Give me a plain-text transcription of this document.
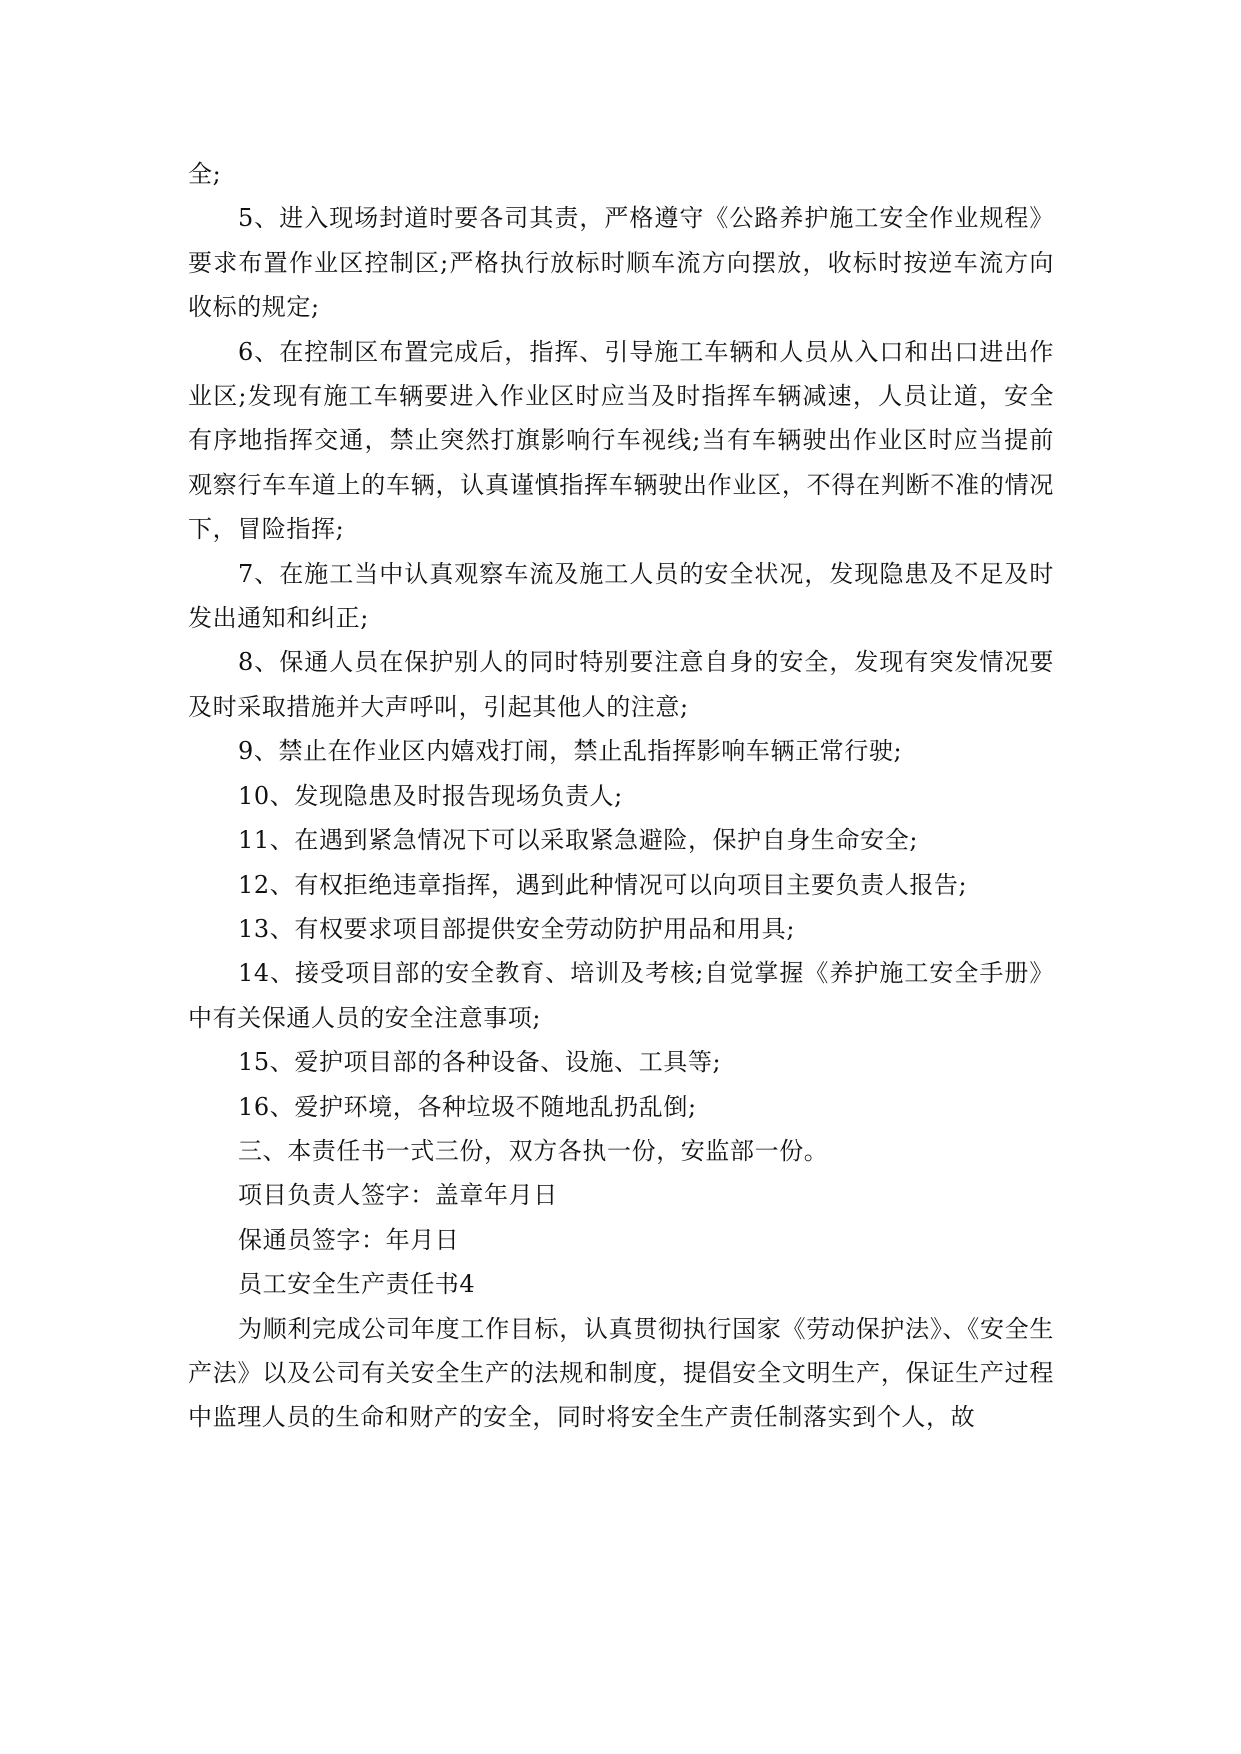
全;

5、进入现场封道时要各司其责，严格遵守《公路养护施工安全作业规程》要求布置作业区控制区;严格执行放标时顺车流方向摆放，收标时按逆车流方向收标的规定;

6、在控制区布置完成后，指挥、引导施工车辆和人员从入口和出口进出作业区;发现有施工车辆要进入作业区时应当及时指挥车辆减速，人员让道，安全有序地指挥交通，禁止突然打旗影响行车视线;当有车辆驶出作业区时应当提前观察行车车道上的车辆，认真谨慎指挥车辆驶出作业区，不得在判断不准的情况下，冒险指挥;

7、在施工当中认真观察车流及施工人员的安全状况，发现隐患及不足及时发出通知和纠正;

8、保通人员在保护别人的同时特别要注意自身的安全，发现有突发情况要及时采取措施并大声呼叫，引起其他人的注意;

9、禁止在作业区内嬉戏打闹，禁止乱指挥影响车辆正常行驶;

10、发现隐患及时报告现场负责人;

11、在遇到紧急情况下可以采取紧急避险，保护自身生命安全;

12、有权拒绝违章指挥，遇到此种情况可以向项目主要负责人报告;

13、有权要求项目部提供安全劳动防护用品和用具;

14、接受项目部的安全教育、培训及考核;自觉掌握《养护施工安全手册》中有关保通人员的安全注意事项;

15、爱护项目部的各种设备、设施、工具等;

16、爱护环境，各种垃圾不随地乱扔乱倒;

三、本责任书一式三份，双方各执一份，安监部一份。

项目负责人签字：盖章年月日

保通员签字：年月日

员工安全生产责任书4

为顺利完成公司年度工作目标，认真贯彻执行国家《劳动保护法》、《安全生产法》以及公司有关安全生产的法规和制度，提倡安全文明生产，保证生产过程中监理人员的生命和财产的安全，同时将安全生产责任制落实到个人，故
